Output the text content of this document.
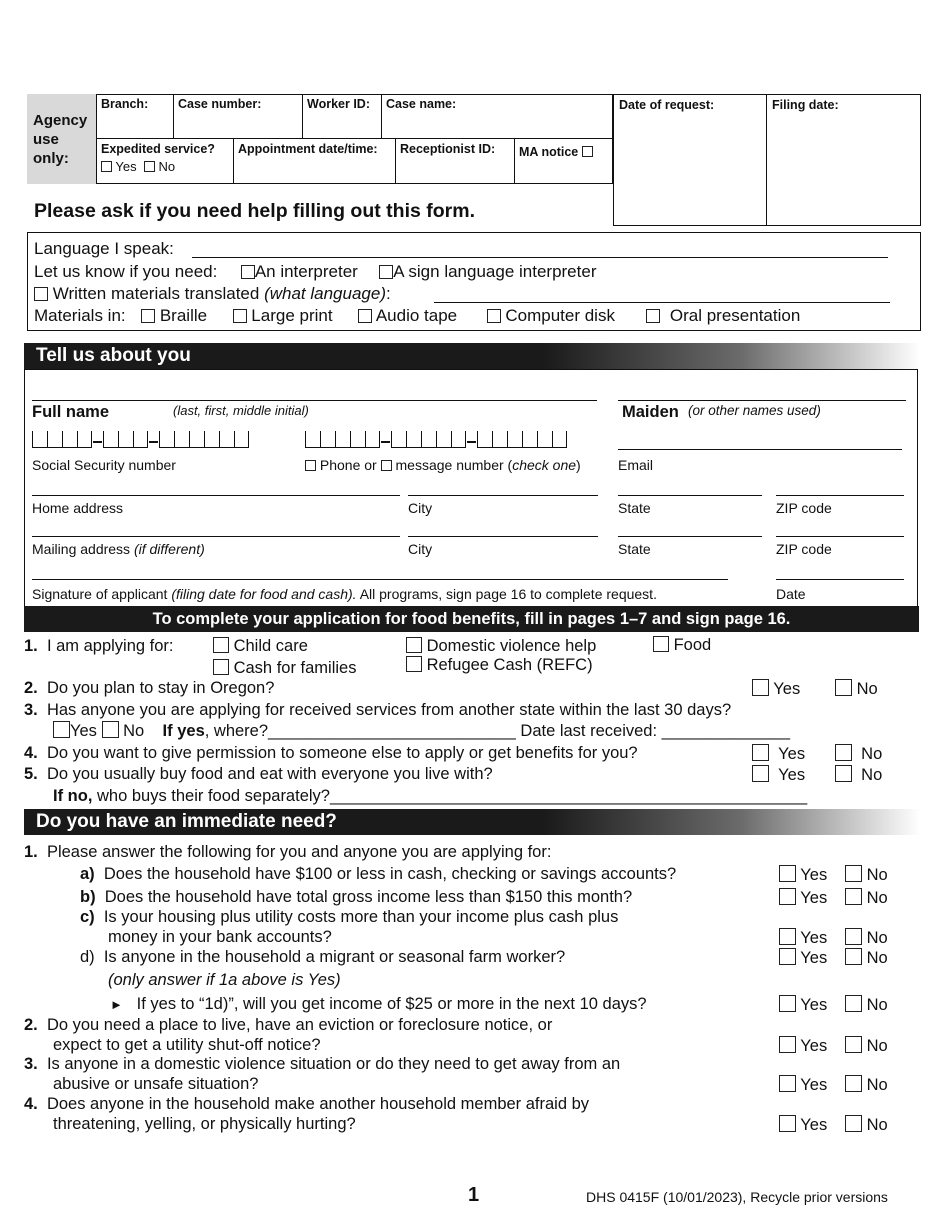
Agency use only:
Branch:	Case number:	Worker ID:	Case name:
Expedited service?
Yes No
Appointment date/time:	Receptionist ID:	MA notice
Date of request:	Filing date:
Please ask if you need help filling out this form.
Language I speak:
Let us know if you need: An interpreter A sign language interpreter
Written materials translated (what language):
Materials in: Braille	Large print	Audio tape	Computer disk	Oral presentation
Tell us about you
Full name	(last, first, middle initial)	Maiden (or other names used)
Social Security number	Phone or message number (check one)	Email
Home address	City	State	ZIP code
Mailing address (if different)	City	State	ZIP code
Signature of applicant (filing date for food and cash). All programs, sign page 16 to complete request.	Date
To complete your application for food benefits, fill in pages 1–7 and sign page 16.
1. I am applying for:	Child care
Cash for families
Domestic violence help
Refugee Cash (REFC)
Food
2. Do you plan to stay in Oregon?	Yes	No
3. Has anyone you are applying for received services from another state within the last 30 days?
Yes No If yes, where?___________________________ Date last received: ______________
4. Do you want to give permission to someone else to apply or get benefits for you?	Yes	No
5. Do you usually buy food and eat with everyone you live with?	Yes	No
If no, who buys their food separately?____________________________________________________
Do you have an immediate need?
1. Please answer the following for you and anyone you are applying for:
a) Does the household have $100 or less in cash, checking or savings accounts?	Yes	No
b) Does the household have total gross income less than $150 this month?	Yes	No
c) Is your housing plus utility costs more than your income plus cash plus
money in your bank accounts?	Yes	No
d) Is anyone in the household a migrant or seasonal farm worker?	Yes	No
(only answer if 1a above is Yes)
► If yes to “1d)”, will you get income of $25 or more in the next 10 days?	Yes	No
2. Do you need a place to live, have an eviction or foreclosure notice, or
expect to get a utility shut-off notice?	Yes	No
3. Is anyone in a domestic violence situation or do they need to get away from an
abusive or unsafe situation?	Yes	No
4. Does anyone in the household make another household member afraid by
threatening, yelling, or physically hurting?	Yes	No
1	DHS 0415F (10/01/2023), Recycle prior versions
